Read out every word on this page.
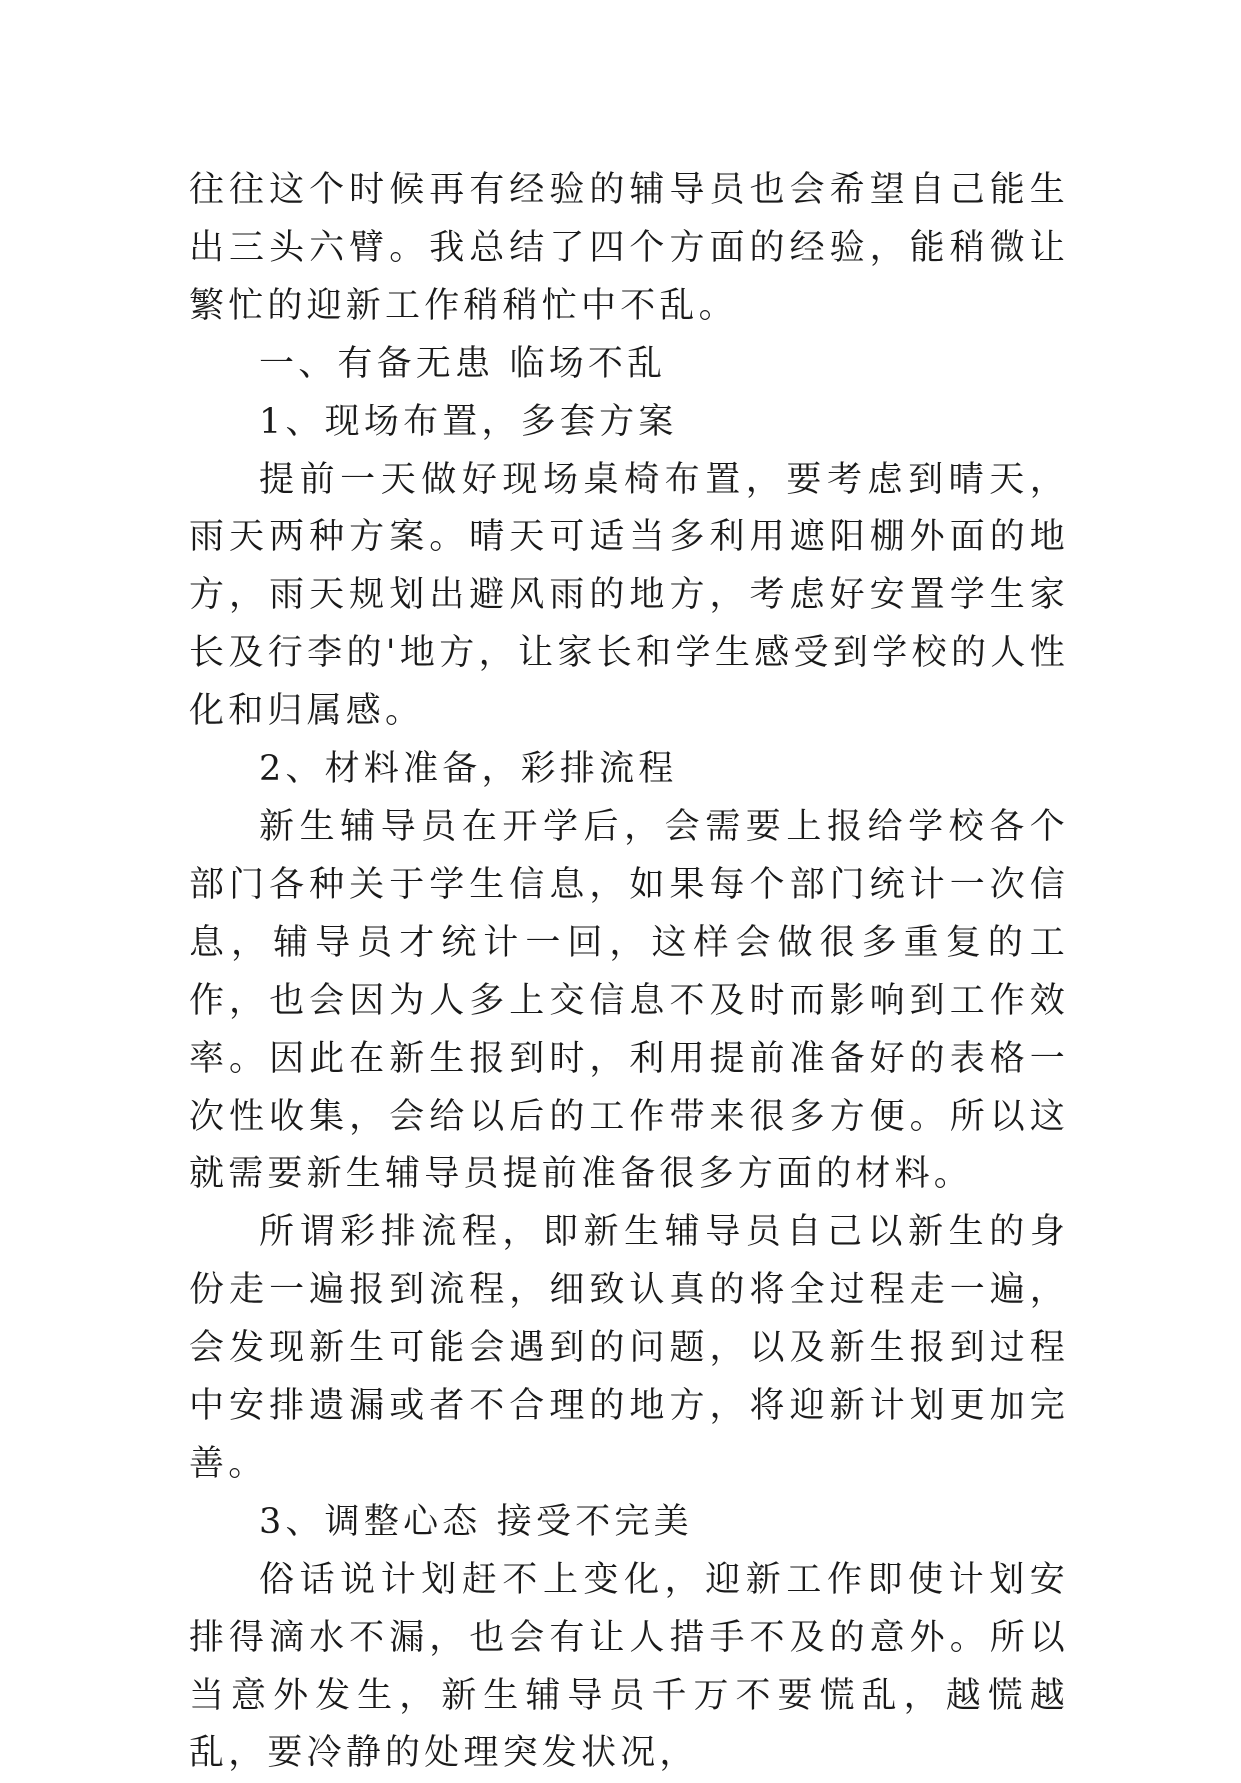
往往这个时候再有经验的辅导员也会希望自己能生出三头六臂。我总结了四个方面的经验，能稍微让繁忙的迎新工作稍稍忙中不乱。

一、有备无患 临场不乱

1、现场布置，多套方案

提前一天做好现场桌椅布置，要考虑到晴天，雨天两种方案。晴天可适当多利用遮阳棚外面的地方，雨天规划出避风雨的地方，考虑好安置学生家长及行李的'地方，让家长和学生感受到学校的人性化和归属感。

2、材料准备，彩排流程

新生辅导员在开学后，会需要上报给学校各个部门各种关于学生信息，如果每个部门统计一次信息，辅导员才统计一回，这样会做很多重复的工作，也会因为人多上交信息不及时而影响到工作效率。因此在新生报到时，利用提前准备好的表格一次性收集，会给以后的工作带来很多方便。所以这就需要新生辅导员提前准备很多方面的材料。

所谓彩排流程，即新生辅导员自己以新生的身份走一遍报到流程，细致认真的将全过程走一遍，会发现新生可能会遇到的问题，以及新生报到过程中安排遗漏或者不合理的地方，将迎新计划更加完善。

3、调整心态 接受不完美

俗话说计划赶不上变化，迎新工作即使计划安排得滴水不漏，也会有让人措手不及的意外。所以当意外发生，新生辅导员千万不要慌乱，越慌越乱，要冷静的处理突发状况，
